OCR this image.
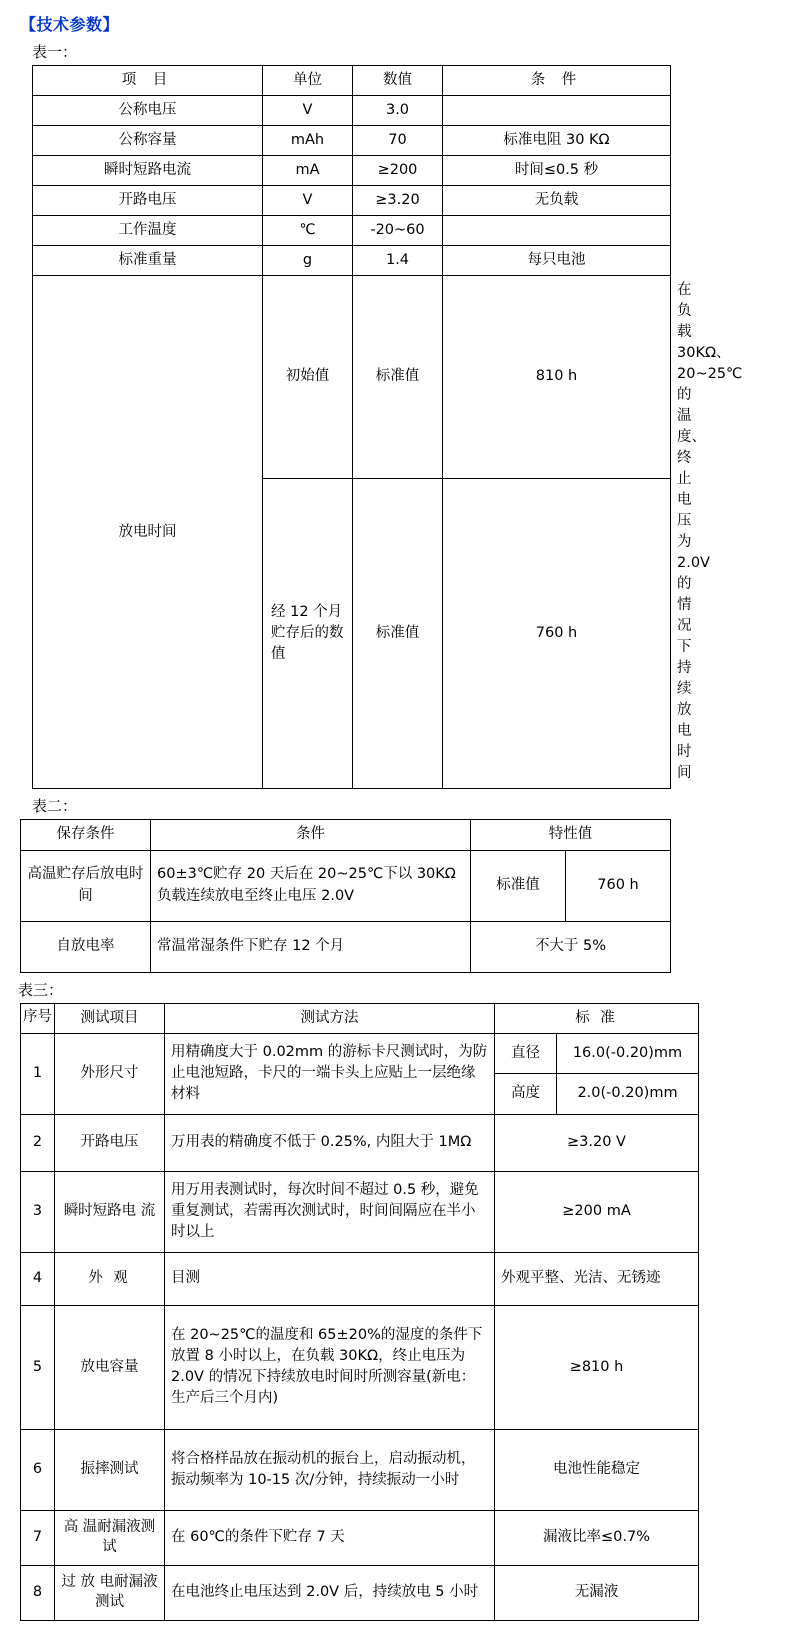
【技术参数】
表一：
项 目	单位	数值	条 件	
公称电压	V	3.0		
公称容量	mAh	70	标准电阻 30 KΩ	
瞬时短路电流	mA	≥200	时间≤0.5 秒	
开路电压	V	≥3.20	无负载	
工作温度	℃	-20~60		
标准重量	g	1.4	每只电池	
放电时间	初始值	标准值	810 h	在负载 30KΩ、20~25℃的温度、终止电压为 2.0V 的情况下持续放电时间
	经 12 个月贮存后的数值	标准值	760 h	
表二：
保存条件	条件	特性值	
高温贮存后放电时间	60±3℃贮存 20 天后在 20~25℃下以 30KΩ 负载连续放电至终止电压 2.0V	标准值	760 h
自放电率	常温常湿条件下贮存 12 个月	不大于 5%	
表三：
序号	测试项目	测试方法	标 准	
1	外形尺寸	用精确度大于 0.02mm 的游标卡尺测试时，为防止电池短路，卡尺的一端卡头上应贴上一层绝缘材料	直径	16.0(-0.20)mm
			高度	2.0(-0.20)mm
2	开路电压	万用表的精确度不低于 0.25%, 内阻大于 1MΩ	≥3.20 V	
3	瞬时短路电 流	用万用表测试时，每次时间不超过 0.5 秒，避免重复测试，若需再次测试时，时间间隔应在半小时以上	≥200 mA	
4	外 观	目测	外观平整、光洁、无锈迹	
5	放电容量	在 20~25℃的温度和 65±20%的湿度的条件下放置 8 小时以上，在负载 30KΩ，终止电压为 2.0V 的情况下持续放电时间时所测容量(新电：生产后三个月内)	≥810 h	
6	振摔测试	将合格样品放在振动机的振台上，启动振动机，振动频率为 10-15 次/分钟，持续振动一小时	电池性能稳定	
7	高 温耐漏液测试	在 60℃的条件下贮存 7 天	漏液比率≤0.7%	
8	过 放 电耐漏液测试	在电池终止电压达到 2.0V 后，持续放电 5 小时	无漏液	
